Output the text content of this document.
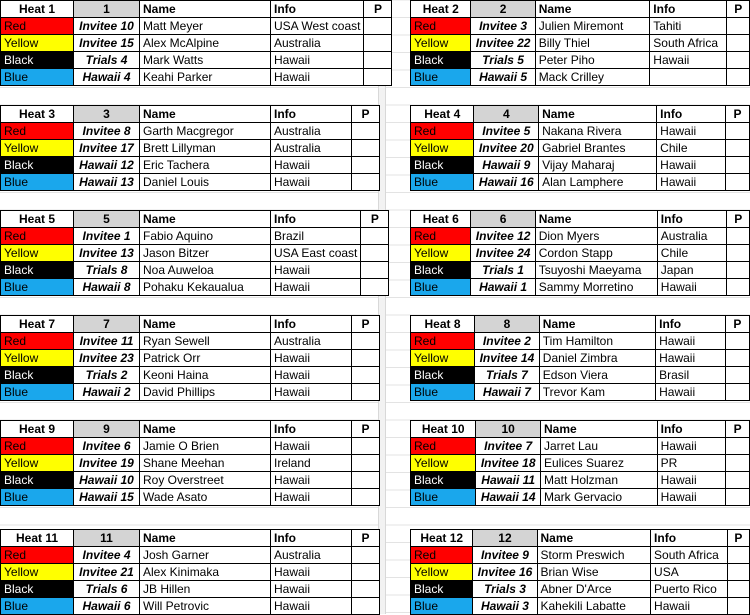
Heat 1	1	Name	Info	P
Red	Invitee 10	Matt Meyer	USA West coast	
Yellow	Invitee 15	Alex McAlpine	Australia	
Black	Trials 4	Mark Watts	Hawaii	
Blue	Hawaii 4	Keahi Parker	Hawaii	
Heat 2	2	Name	Info	P
Red	Invitee 3	Julien Miremont	Tahiti	
Yellow	Invitee 22	Billy Thiel	South Africa	
Black	Trials 5	Peter Piho	Hawaii	
Blue	Hawaii 5	Mack Crilley		
Heat 3	3	Name	Info	P
Red	Invitee 8	Garth Macgregor	Australia	
Yellow	Invitee 17	Brett Lillyman	Australia	
Black	Hawaii 12	Eric Tachera	Hawaii	
Blue	Hawaii 13	Daniel Louis	Hawaii	
Heat 4	4	Name	Info	P
Red	Invitee 5	Nakana Rivera	Hawaii	
Yellow	Invitee 20	Gabriel Brantes	Chile	
Black	Hawaii 9	Vijay Maharaj	Hawaii	
Blue	Hawaii 16	Alan Lamphere	Hawaii	
Heat 5	5	Name	Info	P
Red	Invitee 1	Fabio Aquino	Brazil	
Yellow	Invitee 13	Jason Bitzer	USA East coast	
Black	Trials 8	Noa Auweloa	Hawaii	
Blue	Hawaii 8	Pohaku Kekaualua	Hawaii	
Heat 6	6	Name	Info	P
Red	Invitee 12	Dion Myers	Australia	
Yellow	Invitee 24	Cordon Stapp	Chile	
Black	Trials 1	Tsuyoshi Maeyama	Japan	
Blue	Hawaii 1	Sammy Morretino	Hawaii	
Heat 7	7	Name	Info	P
Red	Invitee 11	Ryan Sewell	Australia	
Yellow	Invitee 23	Patrick Orr	Hawaii	
Black	Trials 2	Keoni Haina	Hawaii	
Blue	Hawaii 2	David Phillips	Hawaii	
Heat 8	8	Name	Info	P
Red	Invitee 2	Tim Hamilton	Hawaii	
Yellow	Invitee 14	Daniel Zimbra	Hawaii	
Black	Trials 7	Edson Viera	Brasil	
Blue	Hawaii 7	Trevor Kam	Hawaii	
Heat 9	9	Name	Info	P
Red	Invitee 6	Jamie O Brien	Hawaii	
Yellow	Invitee 19	Shane Meehan	Ireland	
Black	Hawaii 10	Roy Overstreet	Hawaii	
Blue	Hawaii 15	Wade Asato	Hawaii	
Heat 10	10	Name	Info	P
Red	Invitee 7	Jarret Lau	Hawaii	
Yellow	Invitee 18	Eulices Suarez	PR	
Black	Hawaii 11	Matt Holzman	Hawaii	
Blue	Hawaii 14	Mark Gervacio	Hawaii	
Heat 11	11	Name	Info	P
Red	Invitee 4	Josh Garner	Australia	
Yellow	Invitee 21	Alex Kinimaka	Hawaii	
Black	Trials 6	JB Hillen	Hawaii	
Blue	Hawaii 6	Will Petrovic	Hawaii	
Heat 12	12	Name	Info	P
Red	Invitee 9	Storm Preswich	South Africa	
Yellow	Invitee 16	Brian Wise	USA	
Black	Trials 3	Abner D'Arce	Puerto Rico	
Blue	Hawaii 3	Kahekili Labatte	Hawaii	
